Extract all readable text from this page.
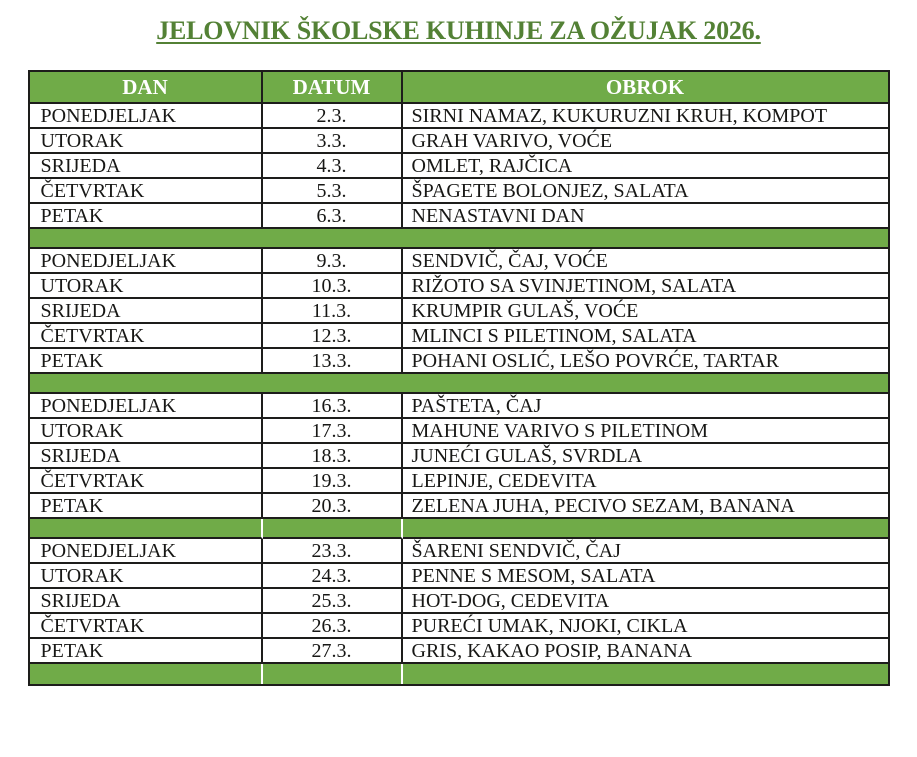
JELOVNIK ŠKOLSKE KUHINJE ZA OŽUJAK 2026.
DAN	DATUM	OBROK
PONEDJELJAK	2.3.	SIRNI NAMAZ, KUKURUZNI KRUH, KOMPOT
UTORAK	3.3.	GRAH VARIVO, VOĆE
SRIJEDA	4.3.	OMLET, RAJČICA
ČETVRTAK	5.3.	ŠPAGETE BOLONJEZ, SALATA
PETAK	6.3.	NENASTAVNI DAN

PONEDJELJAK	9.3.	SENDVIČ, ČAJ, VOĆE
UTORAK	10.3.	RIŽOTO SA SVINJETINOM, SALATA
SRIJEDA	11.3.	KRUMPIR GULAŠ, VOĆE
ČETVRTAK	12.3.	MLINCI S PILETINOM, SALATA
PETAK	13.3.	POHANI OSLIĆ, LEŠO POVRĆE, TARTAR

PONEDJELJAK	16.3.	PAŠTETA, ČAJ
UTORAK	17.3.	MAHUNE VARIVO S PILETINOM
SRIJEDA	18.3.	JUNEĆI GULAŠ, SVRDLA
ČETVRTAK	19.3.	LEPINJE, CEDEVITA
PETAK	20.3.	ZELENA JUHA, PECIVO SEZAM, BANANA

PONEDJELJAK	23.3.	ŠARENI SENDVIČ, ČAJ
UTORAK	24.3.	PENNE S MESOM, SALATA
SRIJEDA	25.3.	HOT-DOG, CEDEVITA
ČETVRTAK	26.3.	PUREĆI UMAK, NJOKI, CIKLA
PETAK	27.3.	GRIS, KAKAO POSIP, BANANA
